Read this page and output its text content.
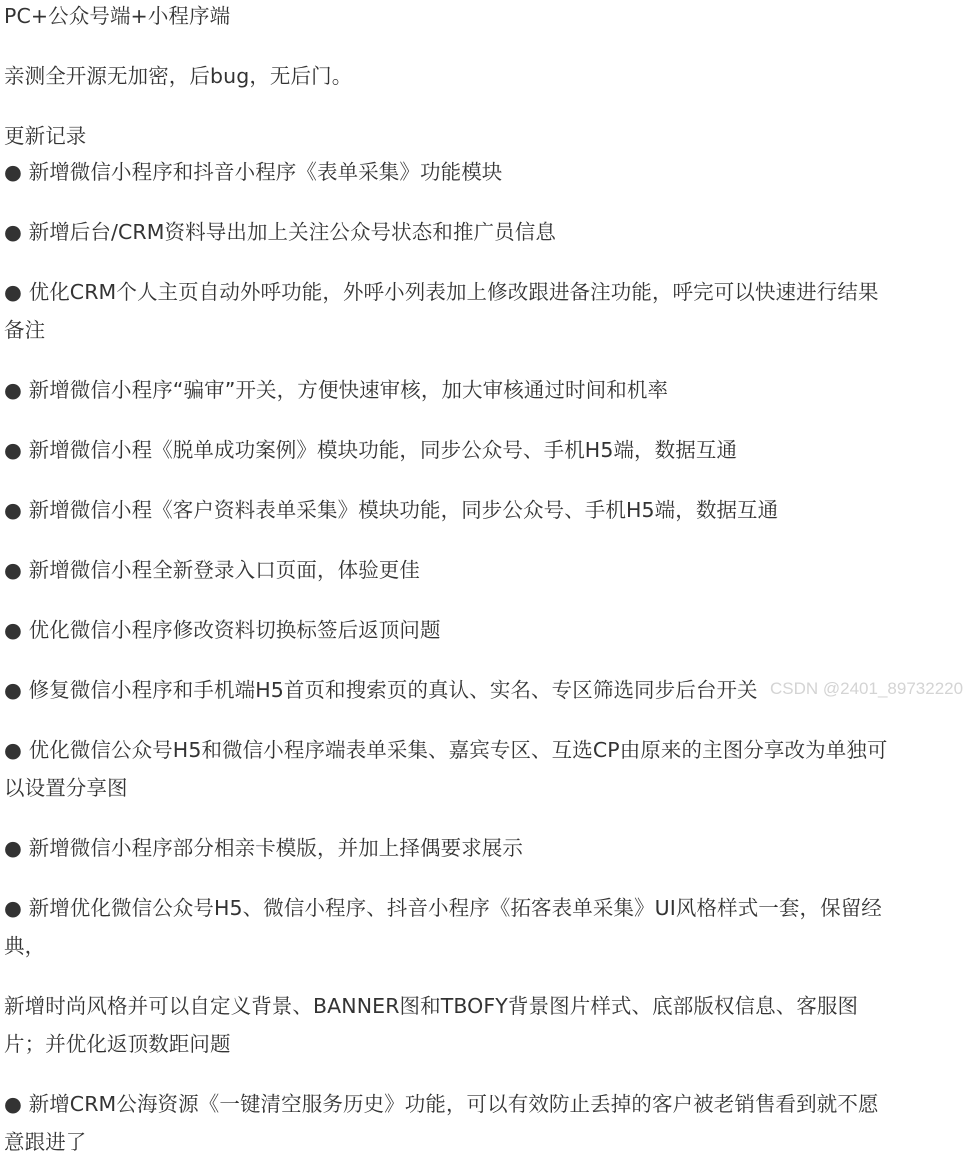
PC+公众号端+小程序端
亲测全开源无加密，后bug，无后门。
更新记录
● 新增微信小程序和抖音小程序《表单采集》功能模块
● 新增后台/CRM资料导出加上关注公众号状态和推广员信息
● 优化CRM个人主页自动外呼功能，外呼小列表加上修改跟进备注功能，呼完可以快速进行结果
备注
● 新增微信小程序“骗审”开关，方便快速审核，加大审核通过时间和机率
● 新增微信小程《脱单成功案例》模块功能，同步公众号、手机H5端，数据互通
● 新增微信小程《客户资料表单采集》模块功能，同步公众号、手机H5端，数据互通
● 新增微信小程全新登录入口页面，体验更佳
● 优化微信小程序修改资料切换标签后返顶问题
● 修复微信小程序和手机端H5首页和搜索页的真认、实名、专区筛选同步后台开关
● 优化微信公众号H5和微信小程序端表单采集、嘉宾专区、互选CP由原来的主图分享改为单独可
以设置分享图
● 新增微信小程序部分相亲卡模版，并加上择偶要求展示
● 新增优化微信公众号H5、微信小程序、抖音小程序《拓客表单采集》UI风格样式一套，保留经
典，
新增时尚风格并可以自定义背景、BANNER图和TBOFY背景图片样式、底部版权信息、客服图
片；并优化返顶数距问题
● 新增CRM公海资源《一键清空服务历史》功能，可以有效防止丢掉的客户被老销售看到就不愿
意跟进了
CSDN @2401_89732220
